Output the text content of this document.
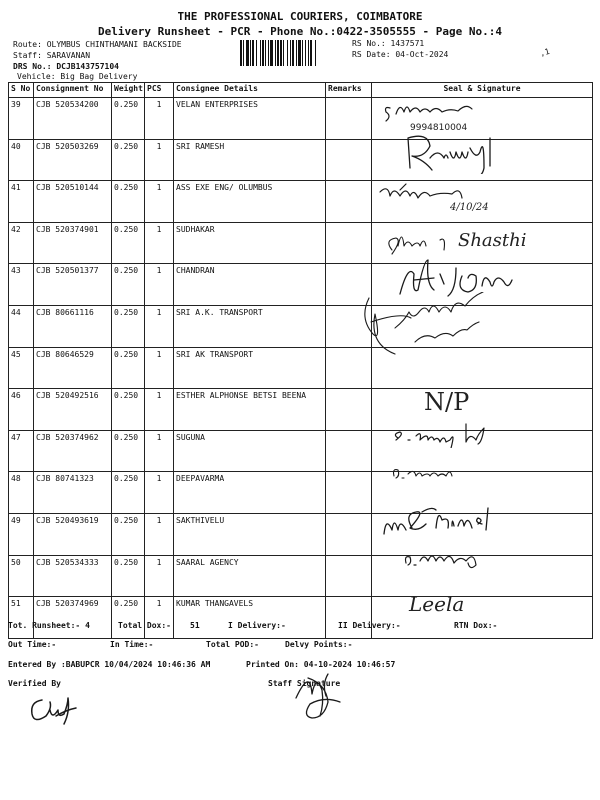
THE PROFESSIONAL COURIERS, COIMBATORE
Delivery Runsheet - PCR - Phone No.:0422-3505555 - Page No.:4
Route: OLYMBUS CHINTHAMANI BACKSIDE
Staff: SARAVANAN
DRS No.: DCJB143757104
Vehicle: Big Bag Delivery
RS No.: 1437571
RS Date: 04-Oct-2024	,1
S No	Consignment No	Weight	PCS	Consignee Details	Remarks	Seal & Signature
39	CJB 520534200	0.250	1	VELAN ENTERPRISES		
40	CJB 520503269	0.250	1	SRI RAMESH		
41	CJB 520510144	0.250	1	ASS EXE ENG/ OLUMBUS		
42	CJB 520374901	0.250	1	SUDHAKAR		
43	CJB 520501377	0.250	1	CHANDRAN		
44	CJB 80661116	0.250	1	SRI A.K. TRANSPORT		
45	CJB 80646529	0.250	1	SRI AK TRANSPORT		
46	CJB 520492516	0.250	1	ESTHER ALPHONSE BETSI BEENA		
47	CJB 520374962	0.250	1	SUGUNA		
48	CJB 80741323	0.250	1	DEEPAVARMA		
49	CJB 520493619	0.250	1	SAKTHIVELU		
50	CJB 520534333	0.250	1	SAARAL AGENCY		
51	CJB 520374969	0.250	1	KUMAR THANGAVELS		
9994810004
4/10/24
Shasthi
N/P
Leela
Tot. Runsheet:- 4	Total Dox:- 51	I Delivery:-	II Delivery:-	RTN Dox:-
Out Time:-	In Time:-	Total POD:-	Delvy Points:-
Entered By :BABUPCR 10/04/2024 10:46:36 AM	Printed On: 04-10-2024 10:46:57
Verified By	Staff Signature
